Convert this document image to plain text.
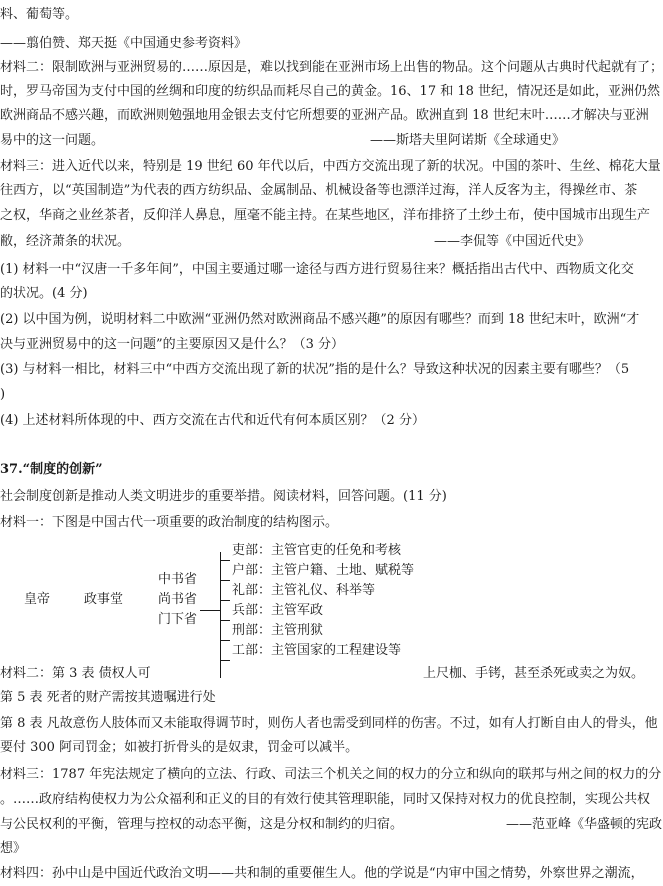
料、葡萄等。
——翦伯赞、郑天挺《中国通史参考资料》
材料二：限制欧洲与亚洲贸易的……原因是，难以找到能在亚洲市场上出售的物品。这个问题从古典时代起就有了；
时，罗马帝国为支付中国的丝绸和印度的纺织品而耗尽自己的黄金。16、17 和 18 世纪，情况还是如此，亚洲仍然
欧洲商品不感兴趣，而欧洲则勉强地用金银去支付它所想要的亚洲产品。欧洲直到 18 世纪末叶……才解决与亚洲
易中的这一问题。	——斯塔夫里阿诺斯《全球通史》
材料三：进入近代以来，特别是 19 世纪 60 年代以后，中西方交流出现了新的状况。中国的茶叶、生丝、棉花大量
往西方，以“英国制造”为代表的西方纺织品、金属制品、机械设备等也漂洋过海，洋人反客为主，得操丝市、茶
之权，华商之业丝茶者，反仰洋人鼻息，厘毫不能主持。在某些地区，洋布排挤了土纱土布，使中国城市出现生产
敝，经济萧条的状况。	——李侃等《中国近代史》
(1) 材料一中“汉唐一千多年间”，中国主要通过哪一途径与西方进行贸易往来？概括指出古代中、西物质文化交
的状况。(4 分)
(2) 以中国为例，说明材料二中欧洲“亚洲仍然对欧洲商品不感兴趣”的原因有哪些？而到 18 世纪末叶，欧洲“才
决与亚洲贸易中的这一问题”的主要原因又是什么？（3 分）
(3) 与材料一相比，材料三中“中西方交流出现了新的状况”指的是什么？导致这种状况的因素主要有哪些？（5
)
(4) 上述材料所体现的中、西方交流在古代和近代有何本质区别？（2 分）
37.“制度的创新”
社会制度创新是推动人类文明进步的重要举措。阅读材料，回答问题。(11 分)
材料一：下图是中国古代一项重要的政治制度的结构图示。
皇帝	政事堂
中书省
尚书省
门下省
吏部：主管官吏的任免和考核
户部：主管户籍、土地、赋税等
礼部：主管礼仪、科举等
兵部：主管军政
刑部：主管刑狱
工部：主管国家的工程建设等
材料二：第 3 表 债权人可	上尺枷、手铐，甚至杀死或卖之为奴。
第 5 表 死者的财产需按其遗嘱进行处
第 8 表 凡故意伤人肢体而又未能取得调节时，则伤人者也需受到同样的伤害。不过，如有人打断自由人的骨头，他
要付 300 阿司罚金；如被打折骨头的是奴隶，罚金可以减半。
材料三：1787 年宪法规定了横向的立法、行政、司法三个机关之间的权力的分立和纵向的联邦与州之间的权力的分
。……政府结构使权力为公众福利和正义的目的有效行使其管理职能，同时又保持对权力的优良控制，实现公共权
与公民权利的平衡，管理与控权的动态平衡，这是分权和制约的归宿。	——范亚峰《华盛顿的宪政
想》
材料四：孙中山是中国近代政治文明——共和制的重要催生人。他的学说是“内审中国之情势，外察世界之潮流，
